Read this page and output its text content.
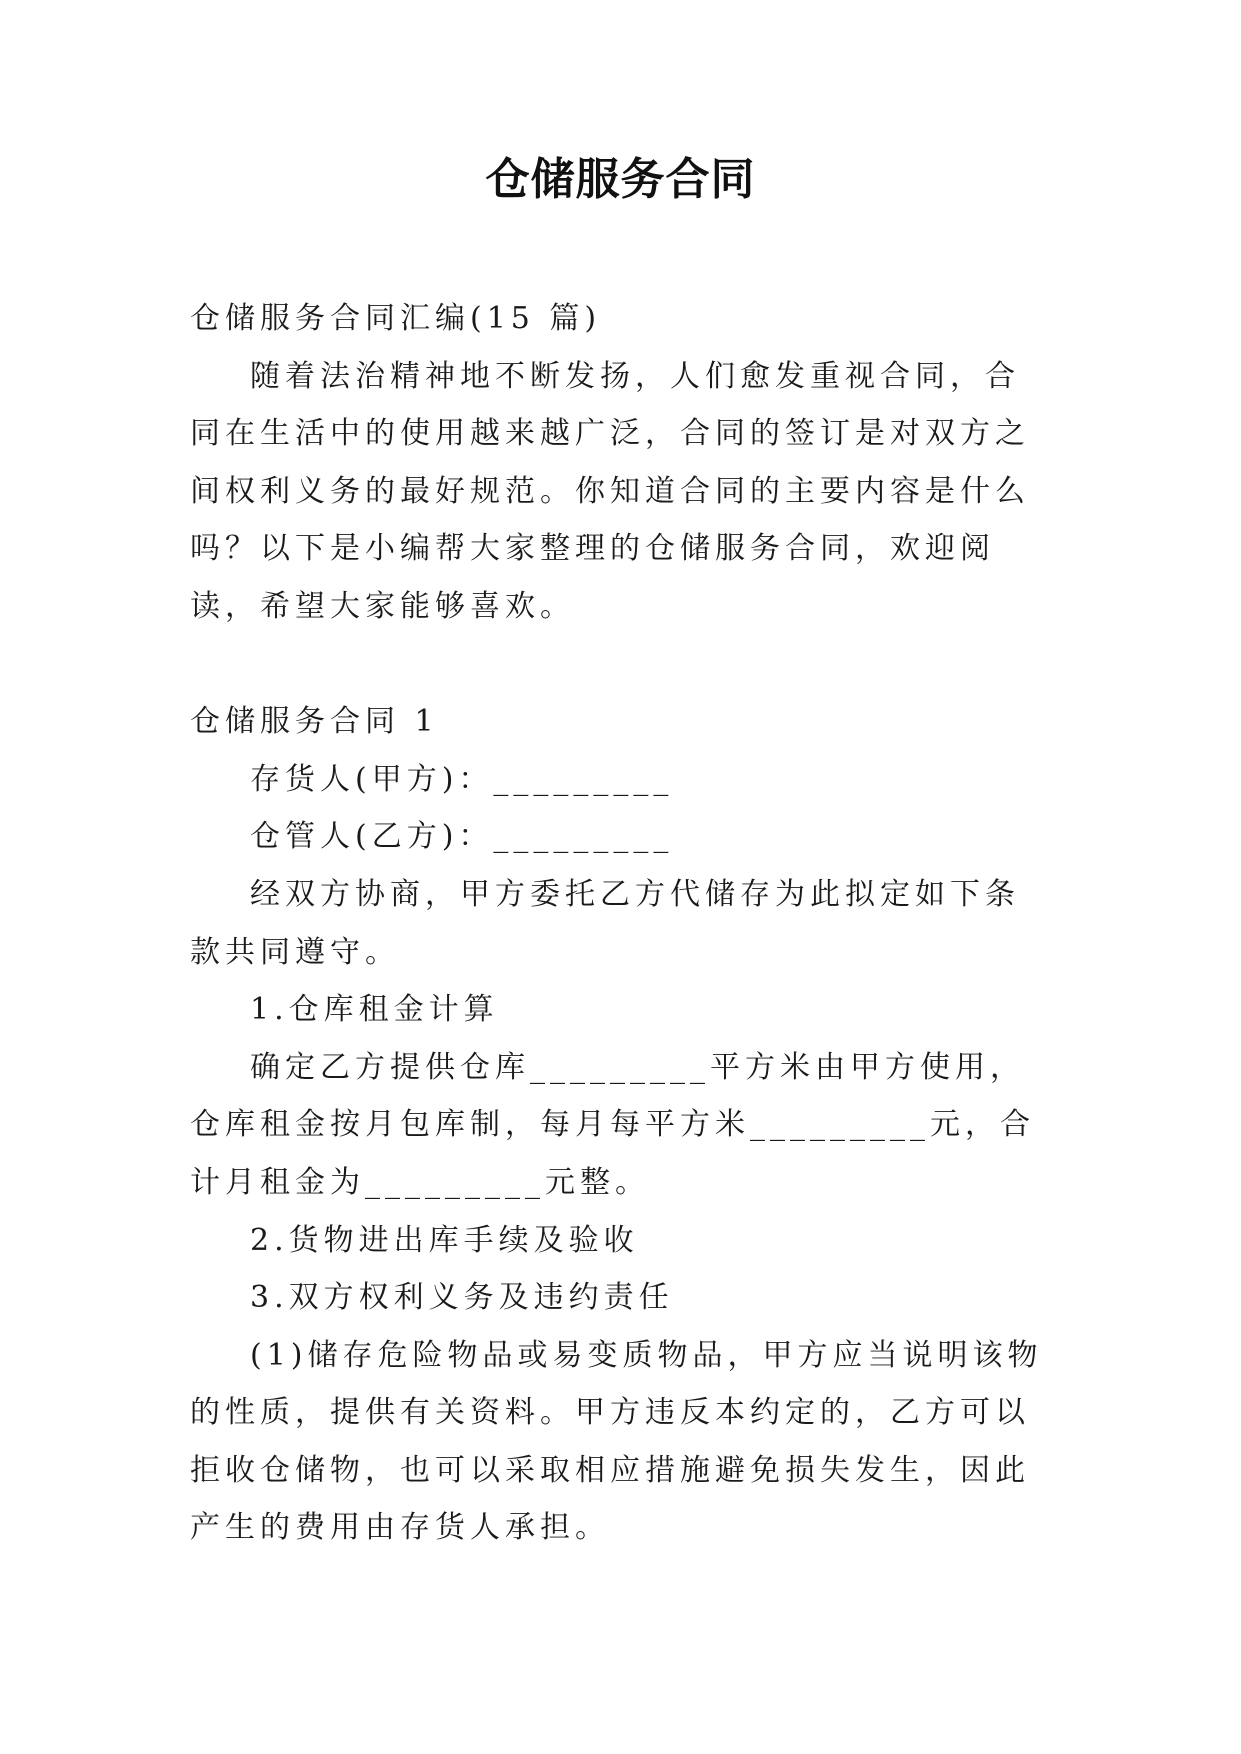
仓储服务合同

仓储服务合同汇编(15 篇)

随着法治精神地不断发扬，人们愈发重视合同，合同在生活中的使用越来越广泛，合同的签订是对双方之间权利义务的最好规范。你知道合同的主要内容是什么吗？以下是小编帮大家整理的仓储服务合同，欢迎阅读，希望大家能够喜欢。

仓储服务合同 1

存货人(甲方)：_________

仓管人(乙方)：_________

经双方协商，甲方委托乙方代储存为此拟定如下条款共同遵守。

1.仓库租金计算

确定乙方提供仓库_________平方米由甲方使用，仓库租金按月包库制，每月每平方米_________元，合计月租金为_________元整。

2.货物进出库手续及验收

3.双方权利义务及违约责任

(1)储存危险物品或易变质物品，甲方应当说明该物的性质，提供有关资料。甲方违反本约定的，乙方可以拒收仓储物，也可以采取相应措施避免损失发生，因此产生的费用由存货人承担。
